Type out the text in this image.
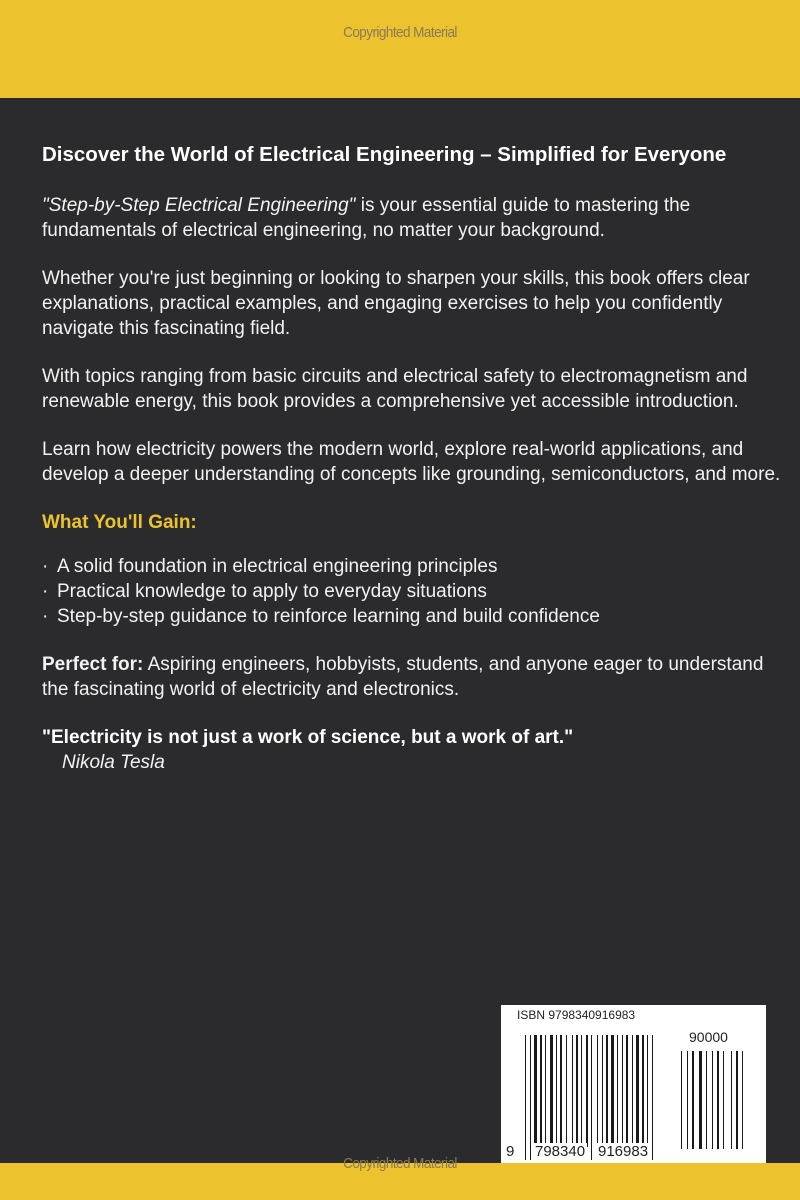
Copyrighted Material
Discover the World of Electrical Engineering – Simplified for Everyone

"Step-by-Step Electrical Engineering" is your essential guide to mastering the fundamentals of electrical engineering, no matter your background.

Whether you're just beginning or looking to sharpen your skills, this book offers clear explanations, practical examples, and engaging exercises to help you confidently navigate this fascinating field.

With topics ranging from basic circuits and electrical safety to electromagnetism and renewable energy, this book provides a comprehensive yet accessible introduction.

Learn how electricity powers the modern world, explore real-world applications, and develop a deeper understanding of concepts like grounding, semiconductors, and more.

What You'll Gain:

· A solid foundation in electrical engineering principles
· Practical knowledge to apply to everyday situations
· Step-by-step guidance to reinforce learning and build confidence

Perfect for: Aspiring engineers, hobbyists, students, and anyone eager to understand the fascinating world of electricity and electronics.

"Electricity is not just a work of science, but a work of art."

Nikola Tesla
ISBN 9798340916983
90000
9 798340 916983
Copyrighted Material
